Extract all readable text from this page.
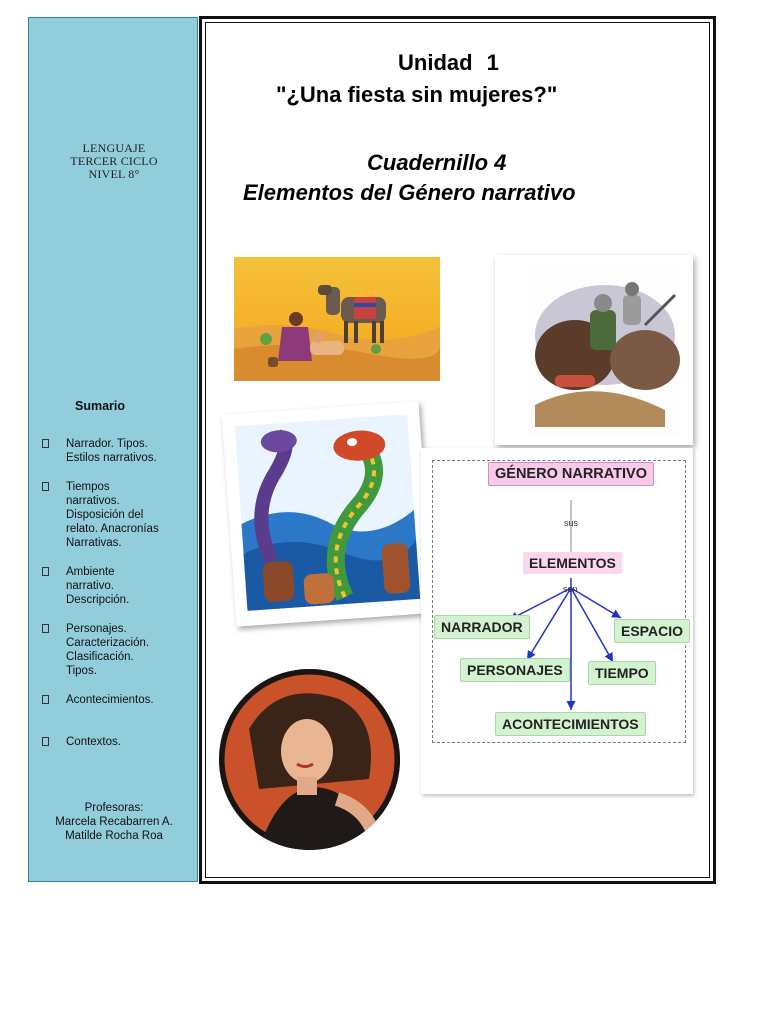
LENGUAJE
TERCER CICLO
NIVEL 8°
Sumario
Narrador. Tipos.
Estilos narrativos.
Tiempos
narrativos.
Disposición del
relato. Anacronías
Narrativas.
Ambiente
narrativo.
Descripción.
Personajes.
Caracterización.
Clasificación.
Tipos.
Acontecimientos.
Contextos.
Profesoras:
Marcela Recabarren A.
Matilde Rocha Roa
Unidad 1
"¿Una fiesta sin mujeres?"
Cuadernillo 4
Elementos del Género narrativo
GÉNERO NARRATIVO
sus
ELEMENTOS
son
NARRADOR	ESPACIO
PERSONAJES	TIEMPO
ACONTECIMIENTOS
